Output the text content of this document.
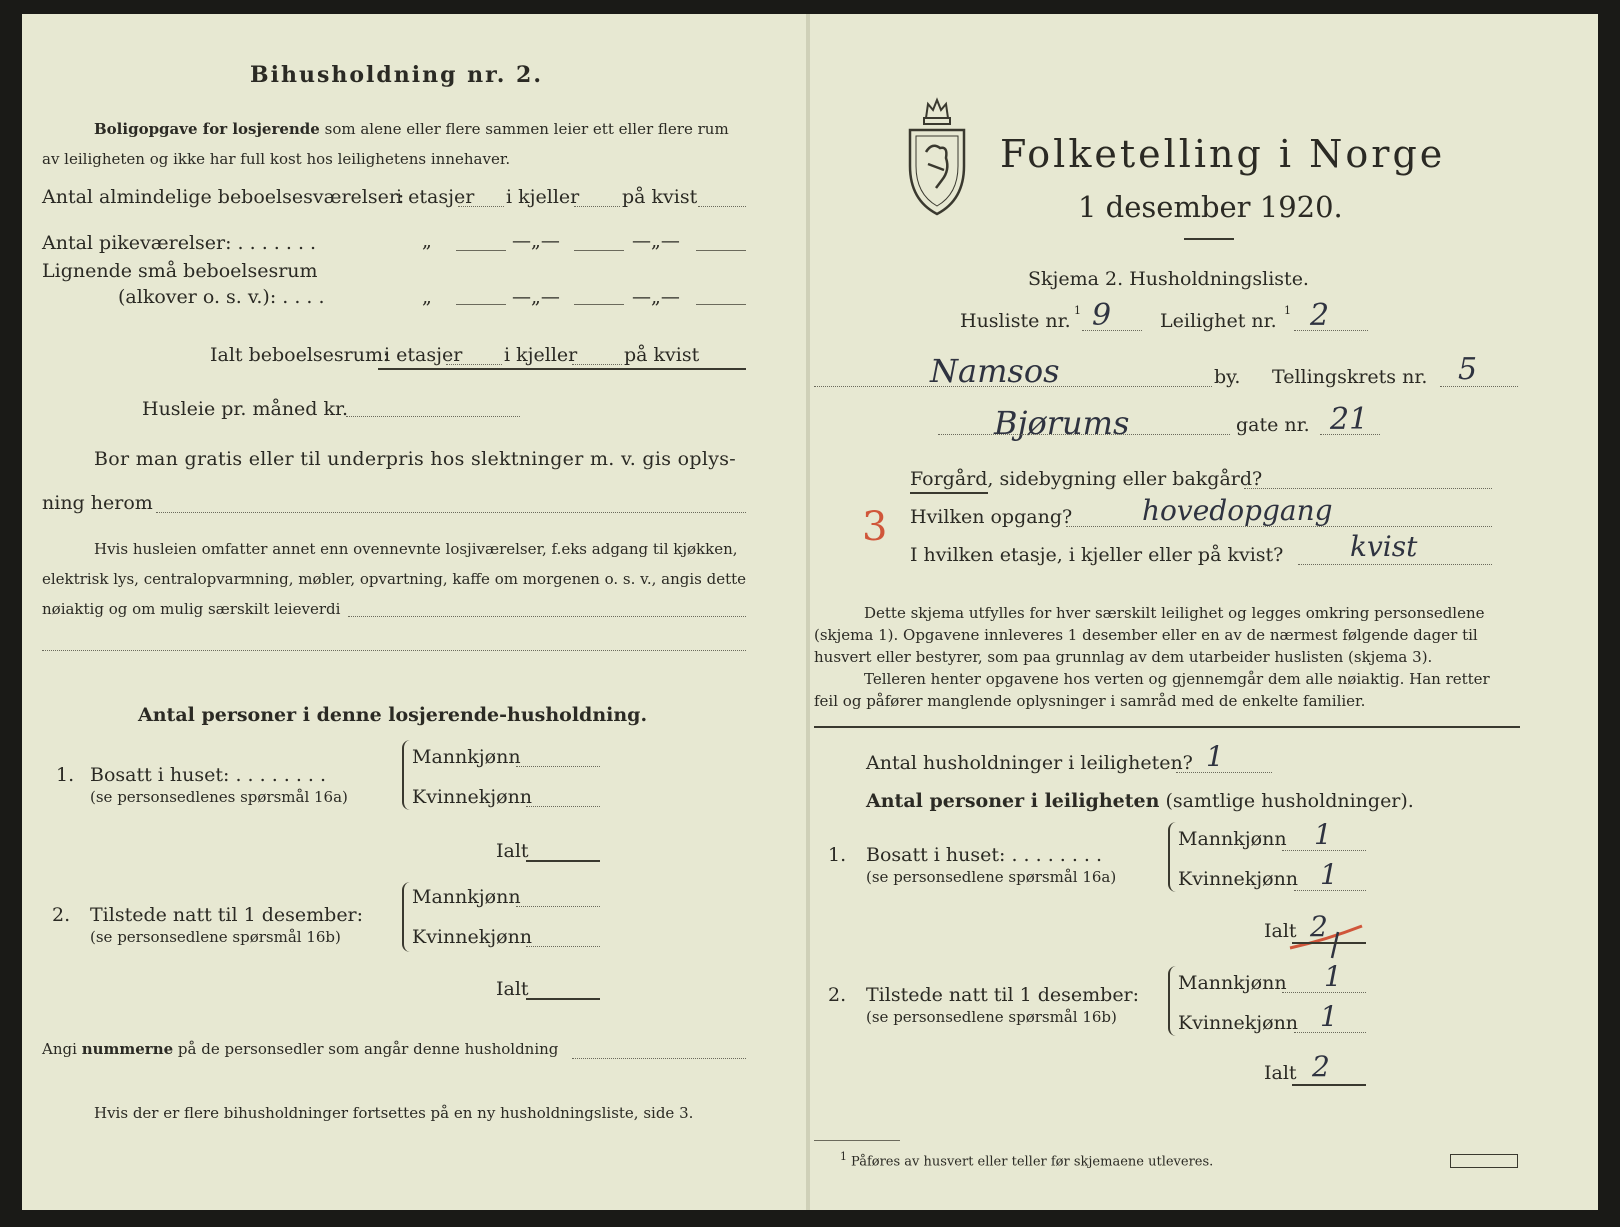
Bihusholdning nr. 2.
Boligopgave for losjerende som alene eller flere sammen leier ett eller flere rum
av leiligheten og ikke har full kost hos leilighetens innehaver.
Antal almindelige beboelsesværelser:
i etasjer i kjeller på kvist
Antal pikeværelser: . . . . . . .	„	—„—	—„—
Lignende små beboelsesrum
(alkover o. s. v.): . . . .	„	—„—	—„—
Ialt beboelsesrum:
i etasjer i kjeller på kvist
Husleie pr. måned kr.
Bor man gratis eller til underpris hos slektninger m. v. gis oplys-
ning herom
Hvis husleien omfatter annet enn ovennevnte losjiværelser, f.eks adgang til kjøkken,
elektrisk lys, centralopvarmning, møbler, opvartning, kaffe om morgenen o. s. v., angis dette
nøiaktig og om mulig særskilt leieverdi
Antal personer i denne losjerende-husholdning.
1. Bosatt i huset: . . . . . . . .
(se personsedlenes spørsmål 16a)
Mannkjønn
Kvinnekjønn
Ialt
2. Tilstede natt til 1 desember:
(se personsedlene spørsmål 16b)
Mannkjønn
Kvinnekjønn
Ialt
Angi nummerne på de personsedler som angår denne husholdning
Hvis der er flere bihusholdninger fortsettes på en ny husholdningsliste, side 3.
Folketelling i Norge
1 desember 1920.
Skjema 2. Husholdningsliste.
Husliste nr. 1 9	Leilighet nr. 1 2
Namsos	by. Tellingskrets nr. 5
Bjørums	gate nr. 21
Forgård, sidebygning eller bakgård?
3 Hvilken opgang? hovedopgang
I hvilken etasje, i kjeller eller på kvist? kvist
Dette skjema utfylles for hver særskilt leilighet og legges omkring personsedlene
(skjema 1). Opgavene innleveres 1 desember eller en av de nærmest følgende dager til
husvert eller bestyrer, som paa grunnlag av dem utarbeider huslisten (skjema 3).
Telleren henter opgavene hos verten og gjennemgår dem alle nøiaktig. Han retter
feil og påfører manglende oplysninger i samråd med de enkelte familier.
Antal husholdninger i leiligheten? 1
Antal personer i leiligheten (samtlige husholdninger).
1. Bosatt i huset: . . . . . . . .
(se personsedlene spørsmål 16a)
Mannkjønn 1
Kvinnekjønn 1
Ialt 2
2. Tilstede natt til 1 desember:
(se personsedlene spørsmål 16b)
Mannkjønn 1
Kvinnekjønn 1
Ialt 2
$^1$ Påføres av husvert eller teller før skjemaene utleveres.
